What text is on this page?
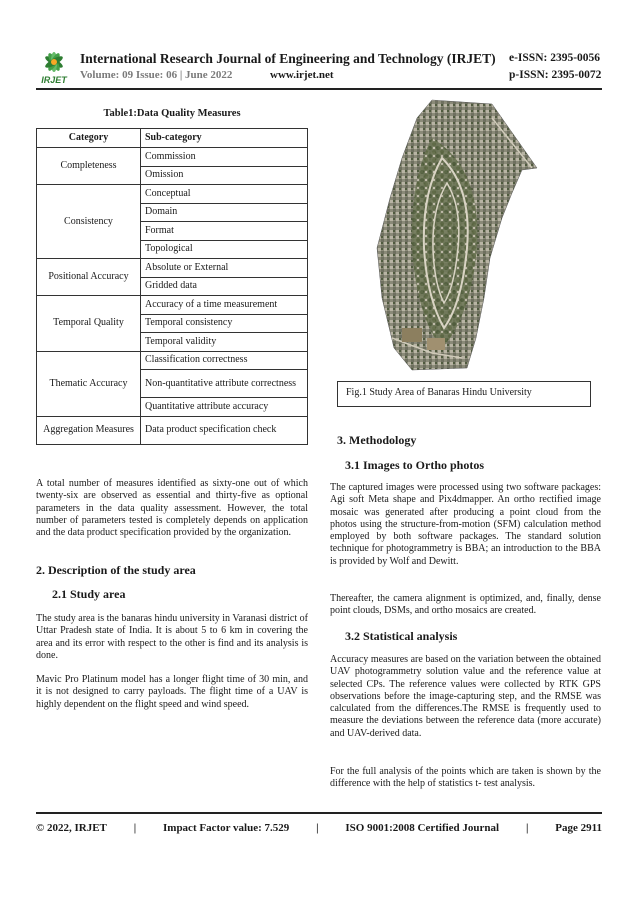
IRJET
International Research Journal of Engineering and Technology (IRJET) e-ISSN: 2395-0056
Volume: 09 Issue: 06 | June 2022	www.irjet.net	p-ISSN: 2395-0072
Table1:Data Quality Measures
Category	Sub-category
Completeness	Commission
	Omission
Consistency	Conceptual
	Domain
	Format
	Topological
Positional Accuracy	Absolute or External
	Gridded data
Temporal Quality	Accuracy of a time measurement
	Temporal consistency
	Temporal validity
Thematic Accuracy	Classification correctness
	Non-quantitative attribute correctness
	Quantitative attribute accuracy
Aggregation Measures	Data product specification check
A total number of measures identified as sixty-one out of which twenty-six are observed as essential and thirty-five as optional parameters in the data quality assessment. However, the total number of parameters tested is completely depends on application and the data product specification provided by the organization.
2. Description of the study area
2.1 Study area
The study area is the banaras hindu university in Varanasi district of Uttar Pradesh state of India. It is about 5 to 6 km in covering the area and its error with respect to the other is find and its analysis is done.
Mavic Pro Platinum model has a longer flight time of 30 min, and it is not designed to carry payloads. The flight time of a UAV is highly dependent on the flight speed and wind speed.
Fig.1 Study Area of Banaras Hindu University
3. Methodology
3.1 Images to Ortho photos
The captured images were processed using two software packages: Agi soft Meta shape and Pix4dmapper. An ortho rectified image mosaic was generated after producing a point cloud from the photos using the structure-from-motion (SFM) calculation method employed by both software packages. The standard solution technique for photogrammetry is BBA; an introduction to the BBA is provided by Wolf and Dewitt.
Thereafter, the camera alignment is optimized, and, finally, dense point clouds, DSMs, and ortho mosaics are created.
3.2 Statistical analysis
Accuracy measures are based on the variation between the obtained UAV photogrammetry solution value and the reference value at selected CPs. The reference values were collected by RTK GPS observations before the image-capturing step, and the RMSE was calculated from the differences.The RMSE is frequently used to measure the deviations between the reference data (more accurate) and UAV-derived data.
For the full analysis of the points which are taken is shown by the difference with the help of statistics t- test analysis.
© 2022, IRJET | Impact Factor value: 7.529 | ISO 9001:2008 Certified Journal | Page 2911
